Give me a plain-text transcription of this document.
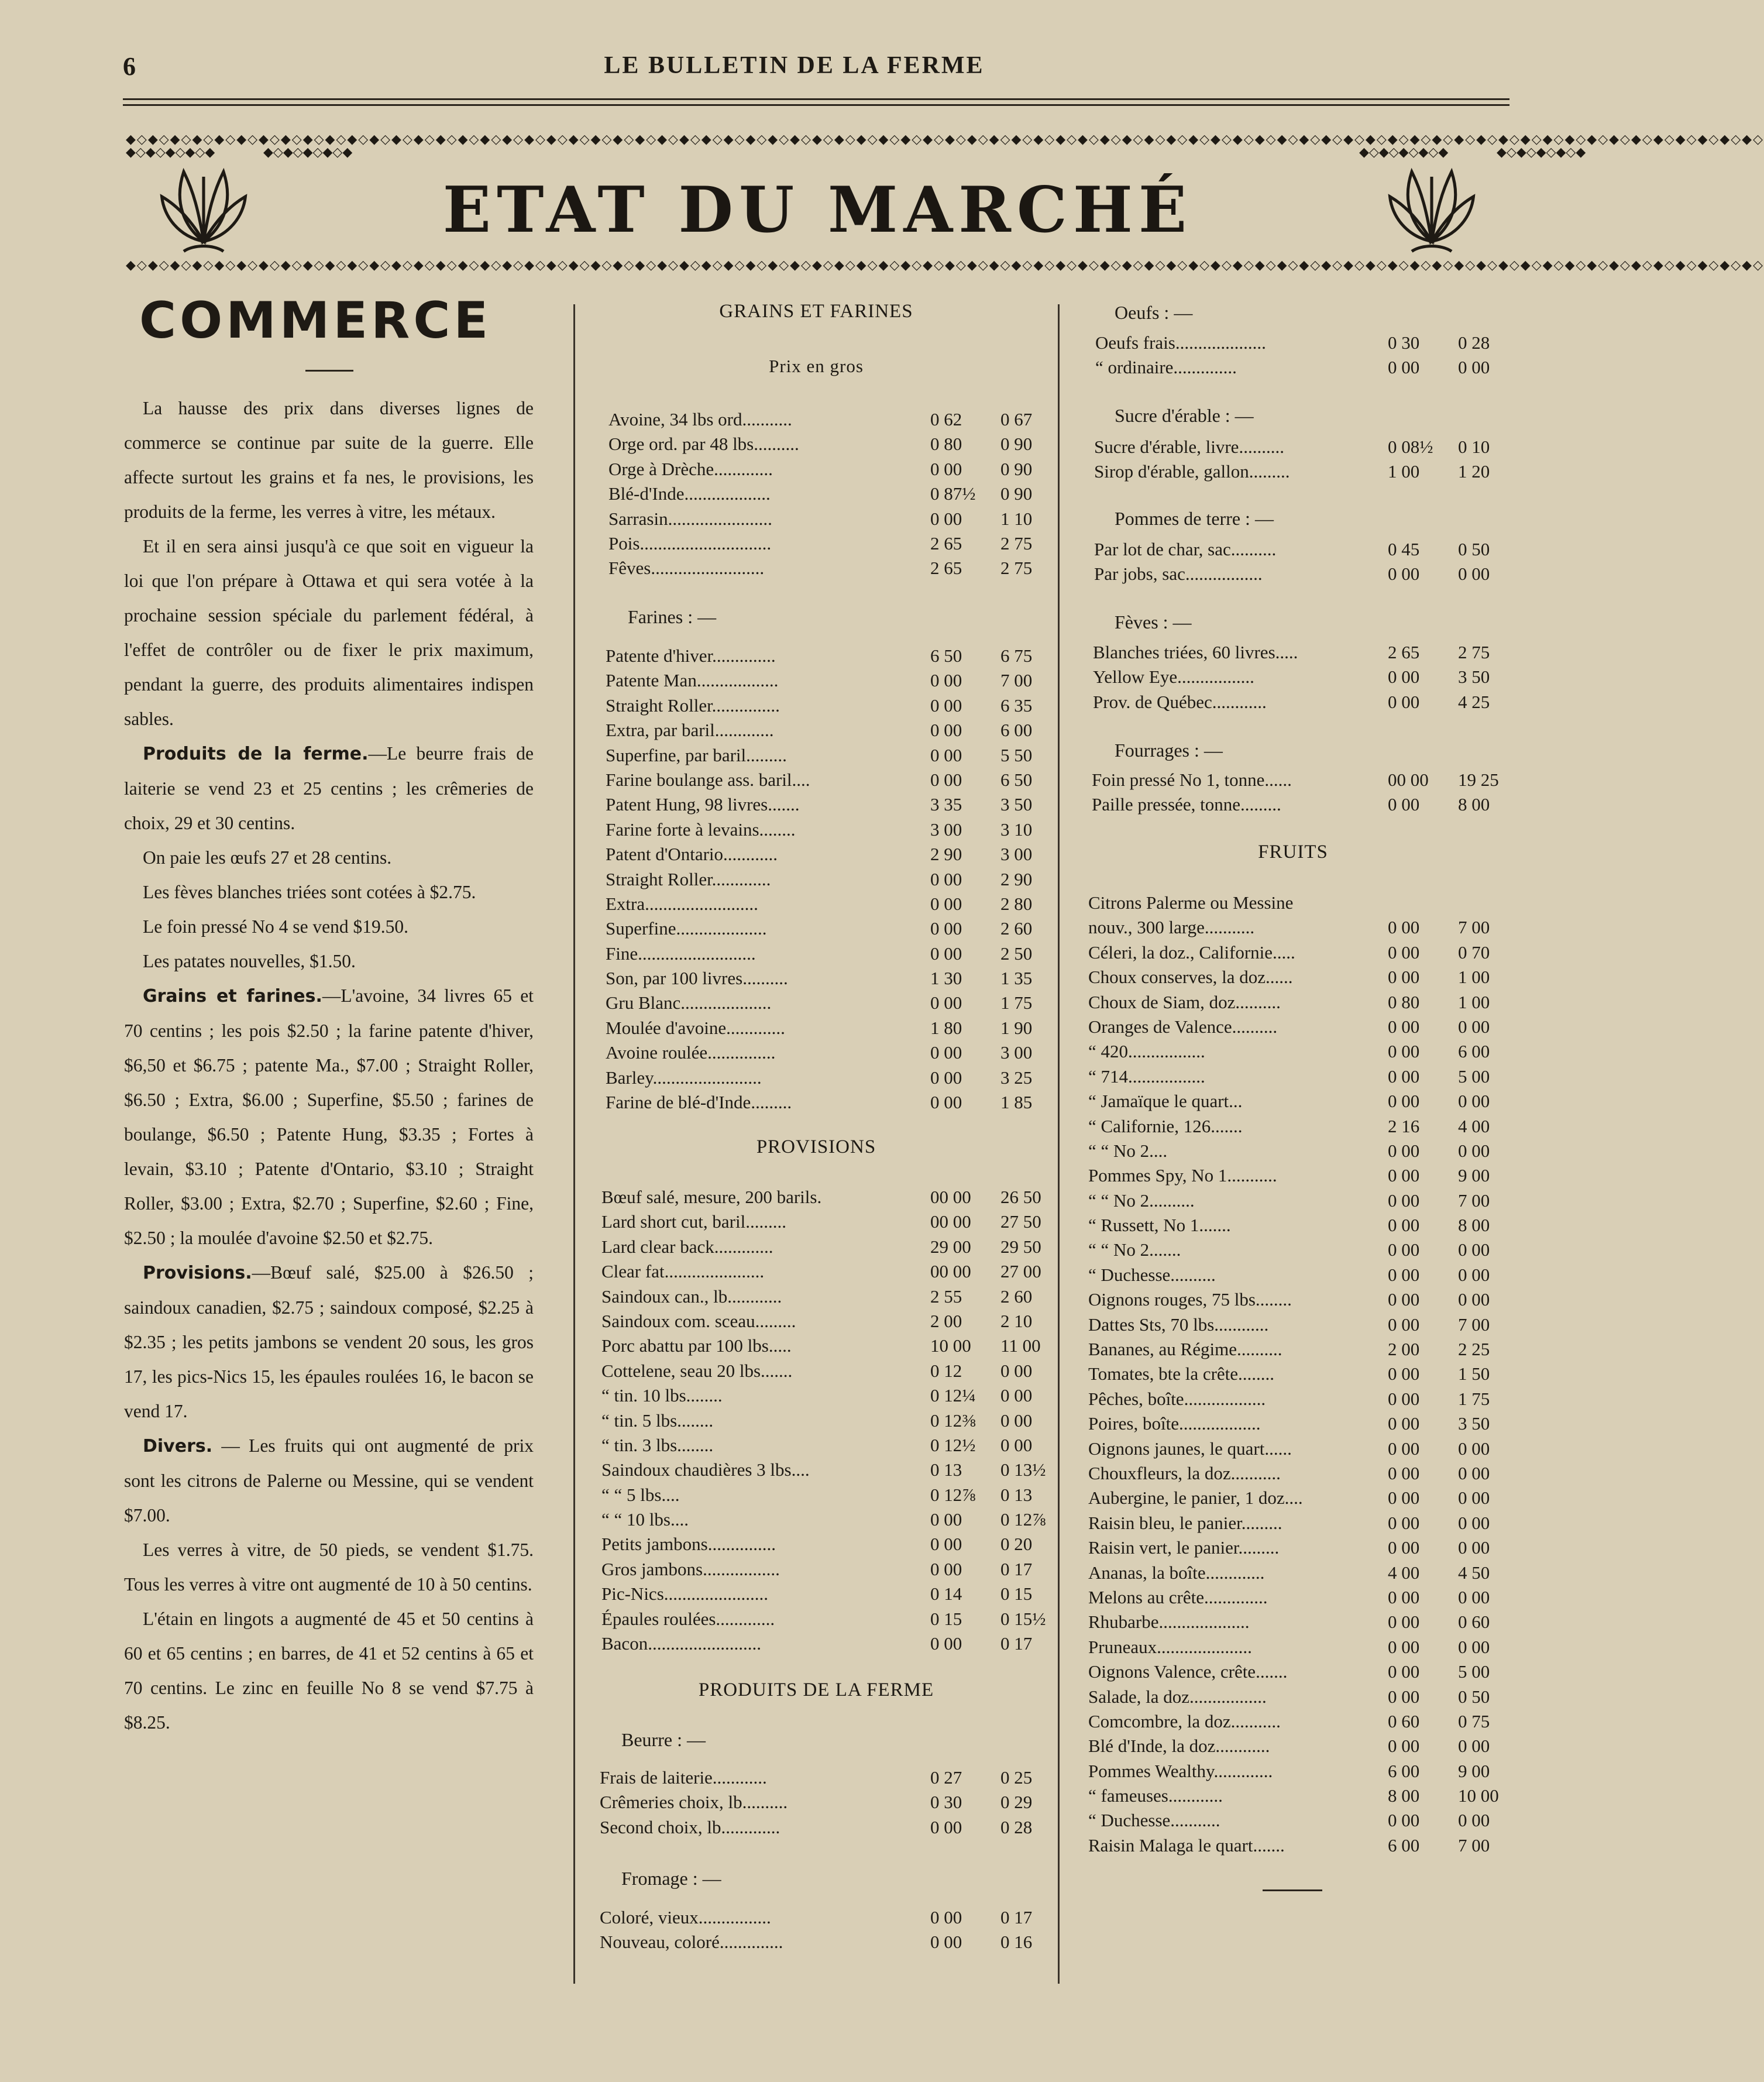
6	LE BULLETIN DE LA FERME
◆◇◆◇◆◇◆◇◆◇◆◇◆◇◆◇◆◇◆◇◆◇◆◇◆◇◆◇◆◇◆◇◆◇◆◇◆◇◆◇◆◇◆◇◆◇◆◇◆◇◆◇◆◇◆◇◆◇◆◇◆◇◆◇◆◇◆◇◆◇◆◇◆◇◆◇◆◇◆◇◆◇◆◇◆◇◆◇◆◇◆◇◆◇◆◇◆◇◆◇◆◇◆◇◆◇◆◇◆◇◆◇◆◇◆◇◆◇◆◇◆◇◆◇◆◇◆◇◆◇◆◇◆◇◆◇◆◇◆◇◆◇◆◇◆◇◆◇
◆◇◆◇◆◇◆◇◆◇◆◇◆◇◆◇◆◇◆◇◆◇◆◇◆◇◆◇◆◇◆◇◆◇◆◇◆◇◆◇◆◇◆◇◆◇◆◇◆◇◆◇◆◇◆◇◆◇◆◇◆◇◆◇◆◇◆◇◆◇◆◇◆◇◆◇◆◇◆◇◆◇◆◇◆◇◆◇◆◇◆◇◆◇◆◇◆◇◆◇◆◇◆◇◆◇◆◇◆◇◆◇◆◇◆◇◆◇◆◇◆◇◆◇◆◇◆◇◆◇◆◇◆◇◆◇◆◇◆◇◆◇◆◇◆◇◆◇
◆◇◆◇◆◇◆◇◆	◆◇◆◇◆◇◆◇◆	◆◇◆◇◆◇◆◇◆	◆◇◆◇◆◇◆◇◆
ETAT DU MARCHÉ
COMMERCE

La hausse des prix dans diverses lignes de commerce se continue par suite de la guerre. Elle affecte surtout les grains et fa nes, le provisions, les produits de la ferme, les verres à vitre, les métaux.

Et il en sera ainsi jusqu'à ce que soit en vigueur la loi que l'on prépare à Ottawa et qui sera votée à la prochaine session spéciale du parlement fédéral, à l'effet de contrôler ou de fixer le prix maximum, pendant la guerre, des produits alimentaires indispen sables.

Produits de la ferme.—Le beurre frais de laiterie se vend 23 et 25 centins ; les crêmeries de choix, 29 et 30 centins.

On paie les œufs 27 et 28 centins.

Les fèves blanches triées sont cotées à $2.75.

Le foin pressé No 4 se vend $19.50.

Les patates nouvelles, $1.50.

Grains et farines.—L'avoine, 34 livres 65 et 70 centins ; les pois $2.50 ; la farine patente d'hiver, $6,50 et $6.75 ; patente Ma., $7.00 ; Straight Roller, $6.50 ; Extra, $6.00 ; Superfine, $5.50 ; farines de boulange, $6.50 ; Patente Hung, $3.35 ; Fortes à levain, $3.10 ; Patente d'Ontario, $3.10 ; Straight Roller, $3.00 ; Extra, $2.70 ; Superfine, $2.60 ; Fine, $2.50 ; la moulée d'avoine $2.50 et $2.75.

Provisions.—Bœuf salé, $25.00 à $26.50 ; saindoux canadien, $2.75 ; saindoux composé, $2.25 à $2.35 ; les petits jambons se vendent 20 sous, les gros 17, les pics-Nics 15, les épaules roulées 16, le bacon se vend 17.

Divers. — Les fruits qui ont augmenté de prix sont les citrons de Palerne ou Messine, qui se vendent $7.00.

Les verres à vitre, de 50 pieds, se vendent $1.75. Tous les verres à vitre ont augmenté de 10 à 50 centins.

L'étain en lingots a augmenté de 45 et 50 centins à 60 et 65 centins ; en barres, de 41 et 52 centins à 65 et 70 centins. Le zinc en feuille No 8 se vend $7.75 à $8.25.

GRAINS ET FARINES
Prix en gros
Avoine, 34 lbs ord...........	0 62 0 67
Orge ord. par 48 lbs..........	0 80 0 90
Orge à Drèche.............	0 00 0 90
Blé-d'Inde...................	0 87½ 0 90
Sarrasin.......................	0 00 1 10
Pois.............................	2 65 2 75
Fêves.........................	2 65 2 75
Farines : —
Patente d'hiver..............	6 50 6 75
Patente Man..................	0 00 7 00
Straight Roller...............	0 00 6 35
Extra, par baril.............	0 00 6 00
Superfine, par baril.........	0 00 5 50
Farine boulange ass. baril....	0 00 6 50
Patent Hung, 98 livres.......	3 35 3 50
Farine forte à levains........	3 00 3 10
Patent d'Ontario............	2 90 3 00
Straight Roller.............	0 00 2 90
Extra.........................	0 00 2 80
Superfine....................	0 00 2 60
Fine..........................	0 00 2 50
Son, par 100 livres..........	1 30 1 35
Gru Blanc....................	0 00 1 75
Moulée d'avoine.............	1 80 1 90
Avoine roulée...............	0 00 3 00
Barley........................	0 00 3 25
Farine de blé-d'Inde.........	0 00 1 85
PROVISIONS
Bœuf salé, mesure, 200 barils.	00 00 26 50
Lard short cut, baril.........	00 00 27 50
Lard clear back.............	29 00 29 50
Clear fat......................	00 00 27 00
Saindoux can., lb............	2 55 2 60
Saindoux com. sceau.........	2 00 2 10
Porc abattu par 100 lbs.....	10 00 11 00
Cottelene, seau 20 lbs.......	0 12 0 00
“ tin. 10 lbs........	0 12¼ 0 00
“ tin. 5 lbs........	0 12⅜ 0 00
“ tin. 3 lbs........	0 12½ 0 00
Saindoux chaudières 3 lbs....	0 13 0 13½
“ “ 5 lbs....	0 12⅞ 0 13
“ “ 10 lbs....	0 00 0 12⅞
Petits jambons...............	0 00 0 20
Gros jambons.................	0 00 0 17
Pic-Nics.......................	0 14 0 15
Épaules roulées.............	0 15 0 15½
Bacon.........................	0 00 0 17
PRODUITS DE LA FERME
Beurre : —
Frais de laiterie............	0 27 0 25
Crêmeries choix, lb..........	0 30 0 29
Second choix, lb.............	0 00 0 28
Fromage : —
Coloré, vieux................	0 00 0 17
Nouveau, coloré..............	0 00 0 16
Oeufs : —
Oeufs frais....................	0 30 0 28
“ ordinaire..............	0 00 0 00
Sucre d'érable : —
Sucre d'érable, livre..........	0 08½ 0 10
Sirop d'érable, gallon.........	1 00 1 20
Pommes de terre : —
Par lot de char, sac..........	0 45 0 50
Par jobs, sac.................	0 00 0 00
Fèves : —
Blanches triées, 60 livres.....	2 65 2 75
Yellow Eye.................	0 00 3 50
Prov. de Québec............	0 00 4 25
Fourrages : —
Foin pressé No 1, tonne......	00 00 19 25
Paille pressée, tonne.........	0 00 8 00
FRUITS
Citrons Palerme ou Messine
nouv., 300 large...........	0 00 7 00
Céleri, la doz., Californie.....	0 00 0 70
Choux conserves, la doz......	0 00 1 00
Choux de Siam, doz..........	0 80 1 00
Oranges de Valence..........	0 00 0 00
“ 420.................	0 00 6 00
“ 714.................	0 00 5 00
“ Jamaïque le quart...	0 00 0 00
“ Californie, 126.......	2 16 4 00
“ “ No 2....	0 00 0 00
Pommes Spy, No 1...........	0 00 9 00
“ “ No 2..........	0 00 7 00
“ Russett, No 1.......	0 00 8 00
“ “ No 2.......	0 00 0 00
“ Duchesse..........	0 00 0 00
Oignons rouges, 75 lbs........	0 00 0 00
Dattes Sts, 70 lbs............	0 00 7 00
Bananes, au Régime..........	2 00 2 25
Tomates, bte la crête........	0 00 1 50
Pêches, boîte..................	0 00 1 75
Poires, boîte..................	0 00 3 50
Oignons jaunes, le quart......	0 00 0 00
Chouxfleurs, la doz...........	0 00 0 00
Aubergine, le panier, 1 doz....	0 00 0 00
Raisin bleu, le panier.........	0 00 0 00
Raisin vert, le panier.........	0 00 0 00
Ananas, la boîte.............	4 00 4 50
Melons au crête..............	0 00 0 00
Rhubarbe....................	0 00 0 60
Pruneaux.....................	0 00 0 00
Oignons Valence, crête.......	0 00 5 00
Salade, la doz.................	0 00 0 50
Comcombre, la doz...........	0 60 0 75
Blé d'Inde, la doz............	0 00 0 00
Pommes Wealthy.............	6 00 9 00
“ fameuses............	8 00 10 00
“ Duchesse...........	0 00 0 00
Raisin Malaga le quart.......	6 00 7 00
